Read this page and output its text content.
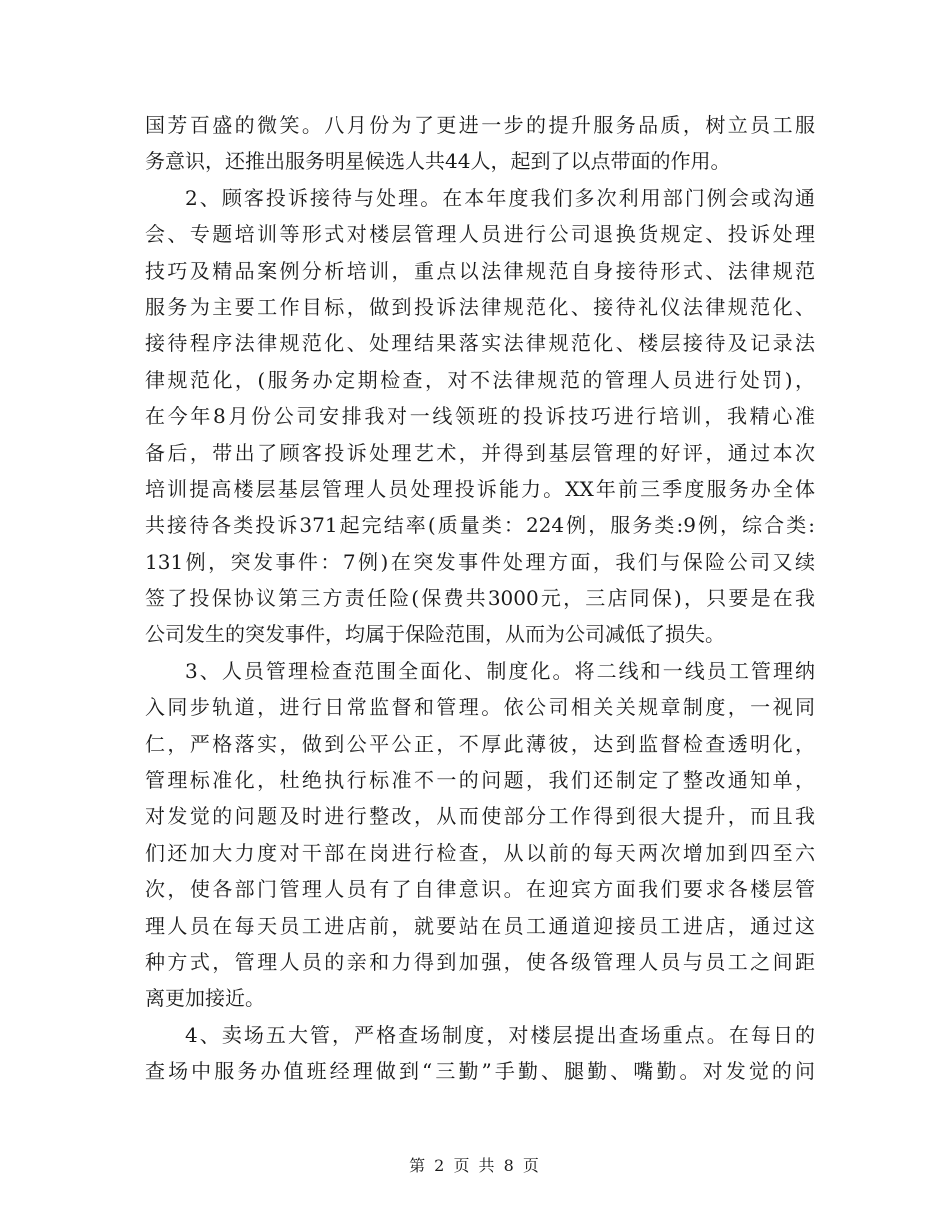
国芳百盛的微笑。八月份为了更进一步的提升服务品质，树立员工服
务意识，还推出服务明星候选人共44人，起到了以点带面的作用。
2、顾客投诉接待与处理。在本年度我们多次利用部门例会或沟通
会、专题培训等形式对楼层管理人员进行公司退换货规定、投诉处理
技巧及精品案例分析培训，重点以法律规范自身接待形式、法律规范
服务为主要工作目标，做到投诉法律规范化、接待礼仪法律规范化、
接待程序法律规范化、处理结果落实法律规范化、楼层接待及记录法
律规范化，(服务办定期检查，对不法律规范的管理人员进行处罚)，
在今年8月份公司安排我对一线领班的投诉技巧进行培训，我精心准
备后，带出了顾客投诉处理艺术，并得到基层管理的好评，通过本次
培训提高楼层基层管理人员处理投诉能力。XX年前三季度服务办全体
共接待各类投诉371起完结率(质量类：224例，服务类:9例，综合类:
131例，突发事件：7例)在突发事件处理方面，我们与保险公司又续
签了投保协议第三方责任险(保费共3000元，三店同保)，只要是在我
公司发生的突发事件，均属于保险范围，从而为公司减低了损失。
3、人员管理检查范围全面化、制度化。将二线和一线员工管理纳
入同步轨道，进行日常监督和管理。依公司相关关规章制度，一视同
仁，严格落实，做到公平公正，不厚此薄彼，达到监督检查透明化，
管理标准化，杜绝执行标准不一的问题，我们还制定了整改通知单，
对发觉的问题及时进行整改，从而使部分工作得到很大提升，而且我
们还加大力度对干部在岗进行检查，从以前的每天两次增加到四至六
次，使各部门管理人员有了自律意识。在迎宾方面我们要求各楼层管
理人员在每天员工进店前，就要站在员工通道迎接员工进店，通过这
种方式，管理人员的亲和力得到加强，使各级管理人员与员工之间距
离更加接近。
4、卖场五大管，严格查场制度，对楼层提出查场重点。在每日的
查场中服务办值班经理做到“三勤”手勤、腿勤、嘴勤。对发觉的问
第 2 页 共 8 页
